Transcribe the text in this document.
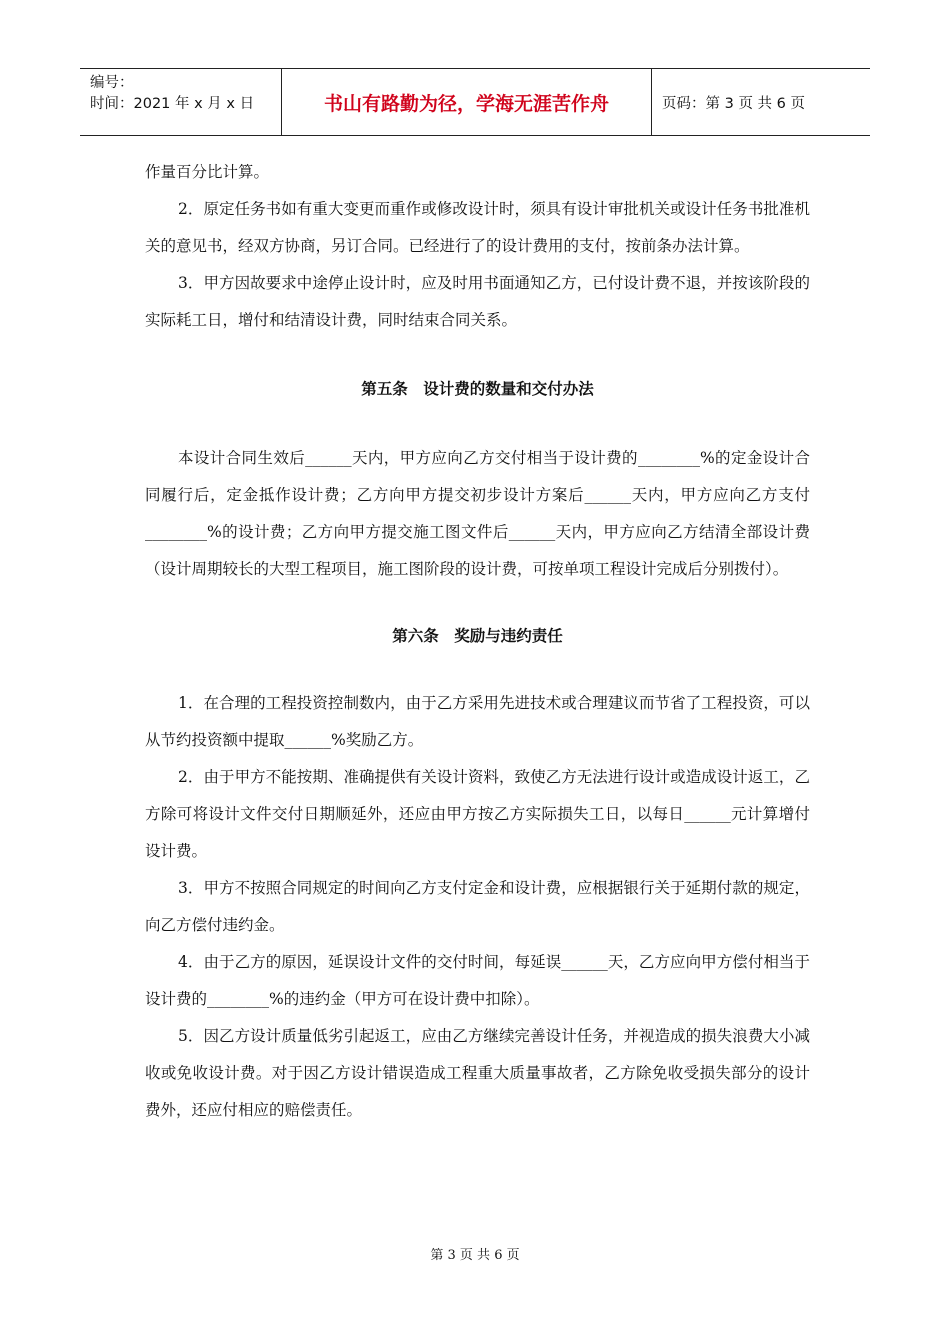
编号：
时间：2021 年 x 月 x 日	书山有路勤为径，学海无涯苦作舟	页码：第 3 页 共 6 页

作量百分比计算。

2．原定任务书如有重大变更而重作或修改设计时，须具有设计审批机关或设计任务书批准机关的意见书，经双方协商，另订合同。已经进行了的设计费用的支付，按前条办法计算。

3．甲方因故要求中途停止设计时，应及时用书面通知乙方，已付设计费不退，并按该阶段的实际耗工日，增付和结清设计费，同时结束合同关系。

第五条　设计费的数量和交付办法

本设计合同生效后______天内，甲方应向乙方交付相当于设计费的________%的定金设计合同履行后，定金抵作设计费；乙方向甲方提交初步设计方案后______天内，甲方应向乙方支付________%的设计费；乙方向甲方提交施工图文件后______天内，甲方应向乙方结清全部设计费（设计周期较长的大型工程项目，施工图阶段的设计费，可按单项工程设计完成后分别拨付）。

第六条　奖励与违约责任

1．在合理的工程投资控制数内，由于乙方采用先进技术或合理建议而节省了工程投资，可以从节约投资额中提取______%奖励乙方。

2．由于甲方不能按期、准确提供有关设计资料，致使乙方无法进行设计或造成设计返工，乙方除可将设计文件交付日期顺延外，还应由甲方按乙方实际损失工日，以每日______元计算增付设计费。

3．甲方不按照合同规定的时间向乙方支付定金和设计费，应根据银行关于延期付款的规定，向乙方偿付违约金。

4．由于乙方的原因，延误设计文件的交付时间，每延误______天，乙方应向甲方偿付相当于设计费的________%的违约金（甲方可在设计费中扣除）。

5．因乙方设计质量低劣引起返工，应由乙方继续完善设计任务，并视造成的损失浪费大小减收或免收设计费。对于因乙方设计错误造成工程重大质量事故者，乙方除免收受损失部分的设计费外，还应付相应的赔偿责任。

第 3 页 共 6 页
